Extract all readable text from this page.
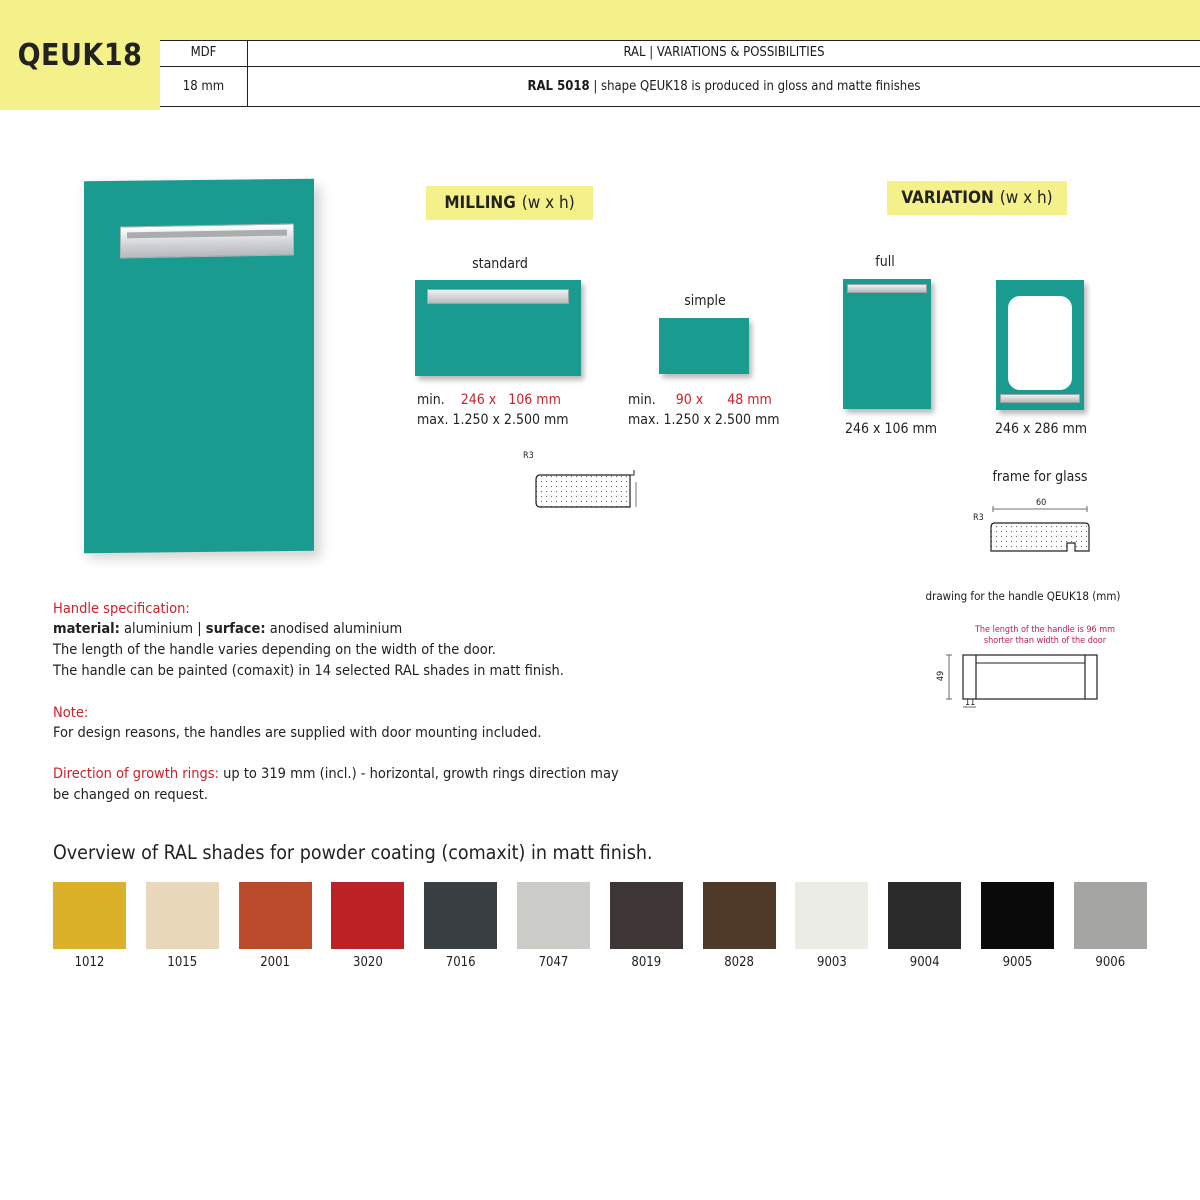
QEUK18	MDF	RAL | VARIATIONS & POSSIBILITIES
18 mm	RAL 5018 | shape QEUK18 is produced in gloss and matte finishes
MILLING (w x h)
standard
min. 246 x 106 mm
max. 1.250 x 2.500 mm
simple
min. 90 x 48 mm
max. 1.250 x 2.500 mm
R3
VARIATION (w x h)
full
246 x 106 mm	246 x 286 mm
frame for glass
60
R3
drawing for the handle QEUK18 (mm)
The length of the handle is 96 mm
shorter than width of the door
49
11
Handle specification:
material: aluminium | surface: anodised aluminium
The length of the handle varies depending on the width of the door.
The handle can be painted (comaxit) in 14 selected RAL shades in matt finish.
Note:
For design reasons, the handles are supplied with door mounting included.
Direction of growth rings: up to 319 mm (incl.) - horizontal, growth rings direction may
be changed on request.
Overview of RAL shades for powder coating (comaxit) in matt finish.
1012	1015	2001	3020	7016	7047	8019	8028	9003	9004	9005	9006
